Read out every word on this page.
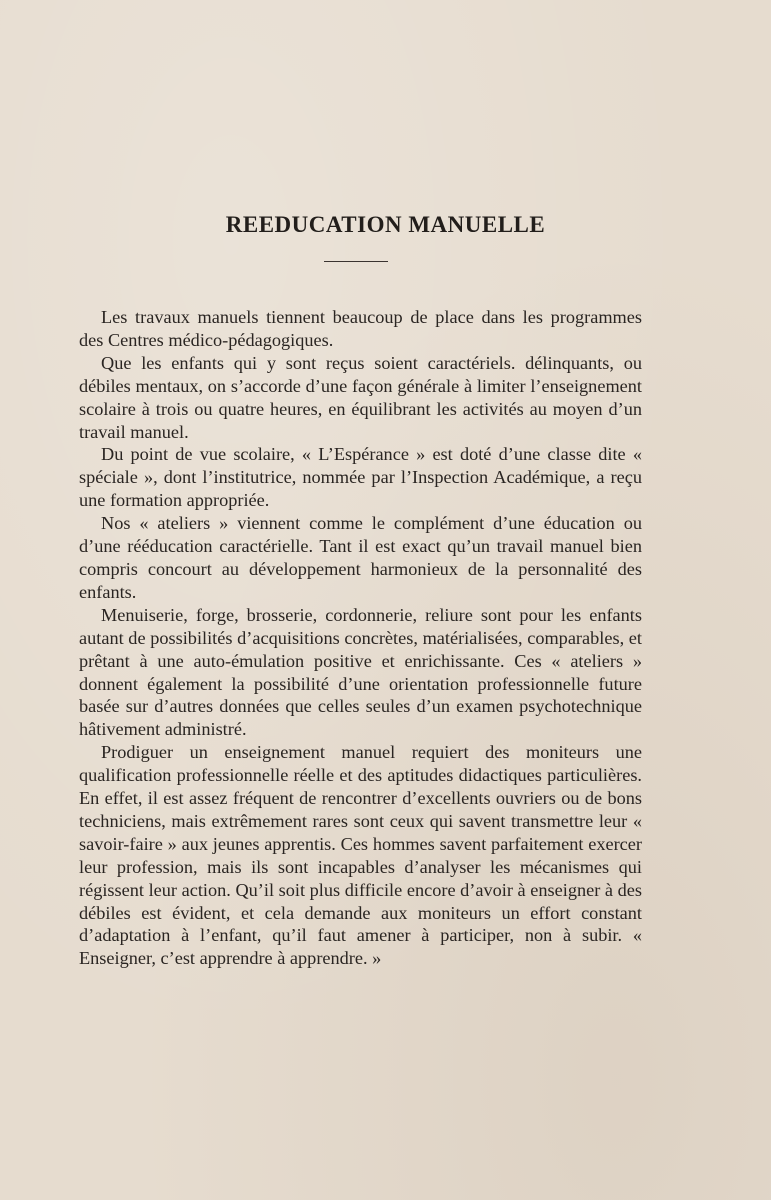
REEDUCATION MANUELLE

Les travaux manuels tiennent beaucoup de place dans les programmes des Centres médico-pédagogiques.

Que les enfants qui y sont reçus soient caractériels. délinquants, ou débiles mentaux, on s’accorde d’une façon générale à limiter l’enseignement scolaire à trois ou quatre heures, en équilibrant les activités au moyen d’un travail manuel.

Du point de vue scolaire, « L’Espérance » est doté d’une classe dite « spéciale », dont l’institutrice, nommée par l’Inspection Académique, a reçu une formation appropriée.

Nos « ateliers » viennent comme le complément d’une éducation ou d’une rééducation caractérielle. Tant il est exact qu’un travail manuel bien compris concourt au développement harmonieux de la personnalité des enfants.

Menuiserie, forge, brosserie, cordonnerie, reliure sont pour les enfants autant de possibilités d’acquisitions concrètes, matérialisées, comparables, et prêtant à une auto-émulation positive et enrichissante. Ces « ateliers » donnent également la possibilité d’une orientation professionnelle future basée sur d’autres données que celles seules d’un examen psychotechnique hâtivement administré.

Prodiguer un enseignement manuel requiert des moniteurs une qualification professionnelle réelle et des aptitudes didactiques particulières. En effet, il est assez fréquent de rencontrer d’excellents ouvriers ou de bons techniciens, mais extrêmement rares sont ceux qui savent transmettre leur « savoir-faire » aux jeunes apprentis. Ces hommes savent parfaitement exercer leur profession, mais ils sont incapables d’analyser les mécanismes qui régissent leur action. Qu’il soit plus difficile encore d’avoir à enseigner à des débiles est évident, et cela demande aux moniteurs un effort constant d’adaptation à l’enfant, qu’il faut amener à participer, non à subir. « Enseigner, c’est apprendre à apprendre. »
